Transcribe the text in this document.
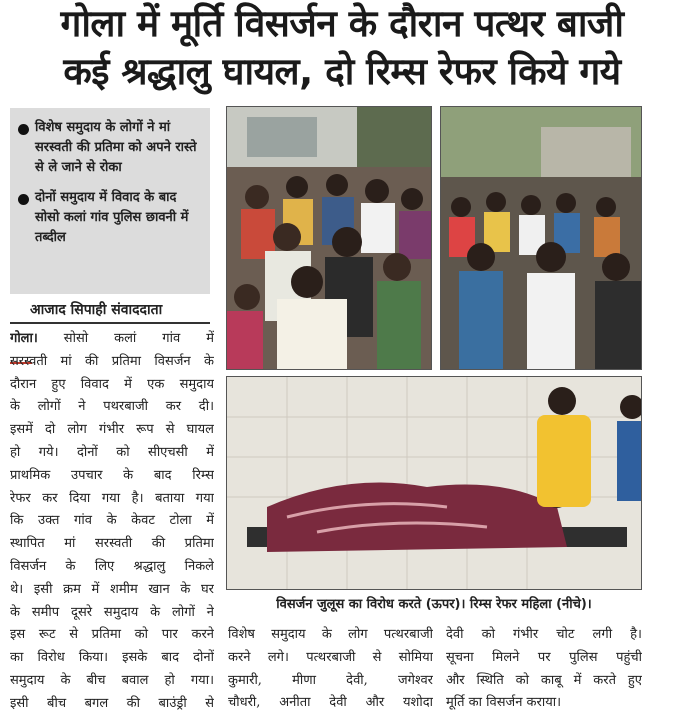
गोला में मूर्ति विसर्जन के दौरान पत्थर बाजी
कई श्रद्धालु घायल, दो रिम्स रेफर किये गये
विशेष समुदाय के लोगों ने मां सरस्वती की प्रतिमा को अपने रास्ते से ले जाने से रोका
दोनों समुदाय में विवाद के बाद सोसो कलां गांव पुलिस छावनी में तब्दील
आजाद सिपाही संवाददाता
गोला। सोसो कलां गांव में
सरस्वती मां की प्रतिमा विसर्जन के
दौरान हुए विवाद में एक समुदाय
के लोगों ने पथरबाजी कर दी।
इसमें दो लोग गंभीर रूप से घायल
हो गये। दोनों को सीएचसी में
प्राथमिक उपचार के बाद रिम्स
रेफर कर दिया गया है। बताया गया
कि उक्त गांव के केवट टोला में
स्थापित मां सरस्वती की प्रतिमा
विसर्जन के लिए श्रद्धालु निकले
थे। इसी क्रम में शमीम खान के घर
के समीप दूसरे समुदाय के लोगों ने
इस रूट से प्रतिमा को पार करने
का विरोध किया। इसके बाद दोनों
समुदाय के बीच बवाल हो गया।
इसी बीच बगल की बाउंड्री से
विशेष समुदाय के लोग पत्थरबाजी
करने लगे। पत्थरबाजी से सोमिया
कुमारी, मीणा देवी, जगेश्वर
चौधरी, अनीता देवी और यशोदा
देवी को गंभीर चोट लगी है।
सूचना मिलने पर पुलिस पहुंची
और स्थिति को काबू में करते हुए
मूर्ति का विसर्जन कराया।
विसर्जन जुलूस का विरोध करते (ऊपर)। रिम्स रेफर महिला (नीचे)।
